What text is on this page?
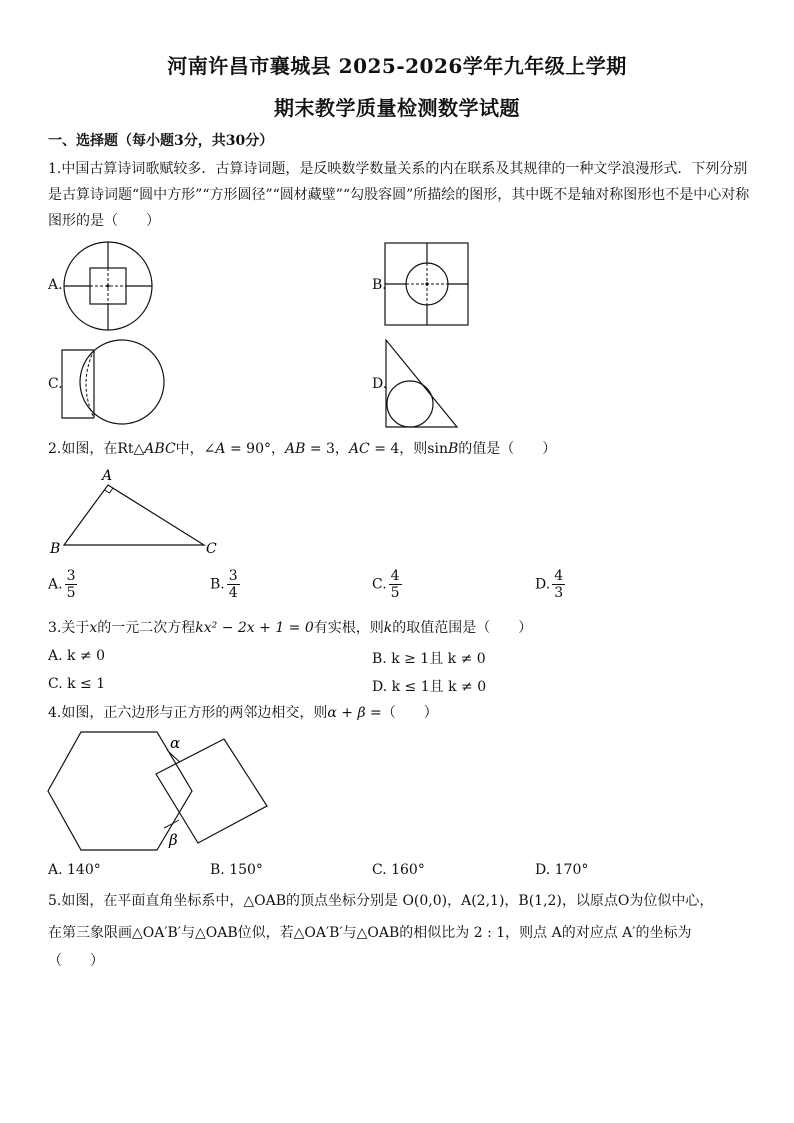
河南许昌市襄城县 2025-2026学年九年级上学期
期末教学质量检测数学试题
一、选择题（每小题3分，共30分）
1.中国古算诗词歌赋较多．古算诗词题，是反映数学数量关系的内在联系及其规律的一种文学浪漫形式．下列分别
是古算诗词题“圆中方形”“方形圆径”“圆材藏壁”“勾股容圆”所描绘的图形，其中既不是轴对称图形也不是中心对称
图形的是（　　）
A.	B.
C.	D.
2.如图，在Rt△ABC中，∠A = 90°，AB = 3，AC = 4，则sinB的值是（　　）
A
B	C
A. $\frac{3}{5}$	B. $\frac{3}{4}$	C. $\frac{4}{5}$	D. $\frac{4}{3}$
3.关于x的一元二次方程kx² − 2x + 1 = 0有实根，则k的取值范围是（　　）
A. k ≠ 0	B. k ≥ 1且 k ≠ 0
C. k ≤ 1	D. k ≤ 1且 k ≠ 0
4.如图，正六边形与正方形的两邻边相交，则α + β =（　　）
α
β
A. 140°	B. 150°	C. 160°	D. 170°
5.如图，在平面直角坐标系中，△OAB的顶点坐标分别是 O(0,0)，A(2,1)，B(1,2)，以原点O为位似中心，
在第三象限画△OA′B′与△OAB位似，若△OA′B′与△OAB的相似比为 2 : 1，则点 A的对应点 A′的坐标为
（　　）
